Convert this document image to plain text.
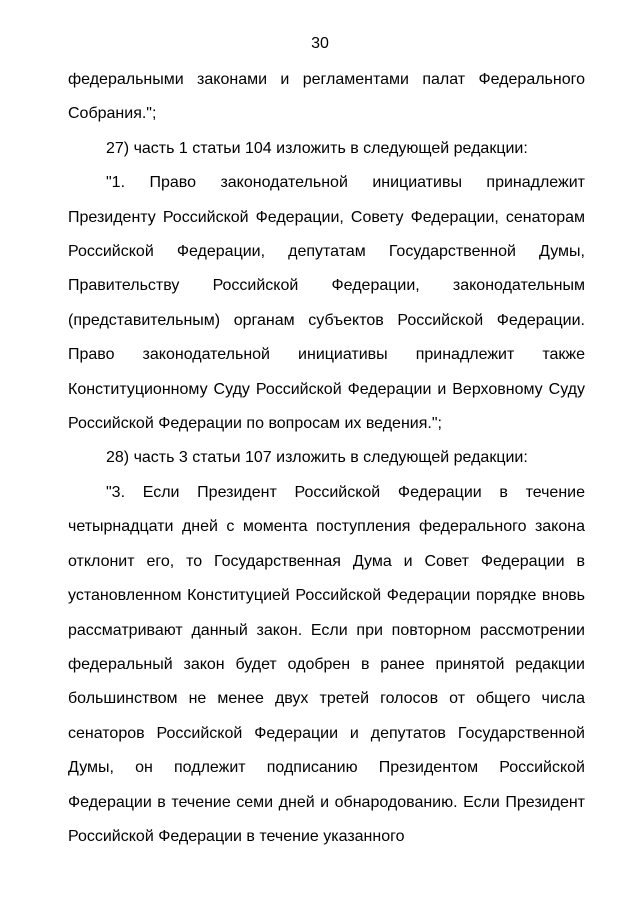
30

федеральными законами и регламентами палат Федерального Собрания.";

27) часть 1 статьи 104 изложить в следующей редакции:

"1. Право законодательной инициативы принадлежит Президенту Российской Федерации, Совету Федерации, сенаторам Российской Федерации, депутатам Государственной Думы, Правительству Российской Федерации, законодательным (представительным) органам субъектов Российской Федерации. Право законодательной инициативы принадлежит также Конституционному Суду Российской Федерации и Верховному Суду Российской Федерации по вопросам их ведения.";

28) часть 3 статьи 107 изложить в следующей редакции:

"3. Если Президент Российской Федерации в течение четырнадцати дней с момента поступления федерального закона отклонит его, то Государственная Дума и Совет Федерации в установленном Конституцией Российской Федерации порядке вновь рассматривают данный закон. Если при повторном рассмотрении федеральный закон будет одобрен в ранее принятой редакции большинством не менее двух третей голосов от общего числа сенаторов Российской Федерации и депутатов Государственной Думы, он подлежит подписанию Президентом Российской Федерации в течение семи дней и обнародованию. Если Президент Российской Федерации в течение указанного
